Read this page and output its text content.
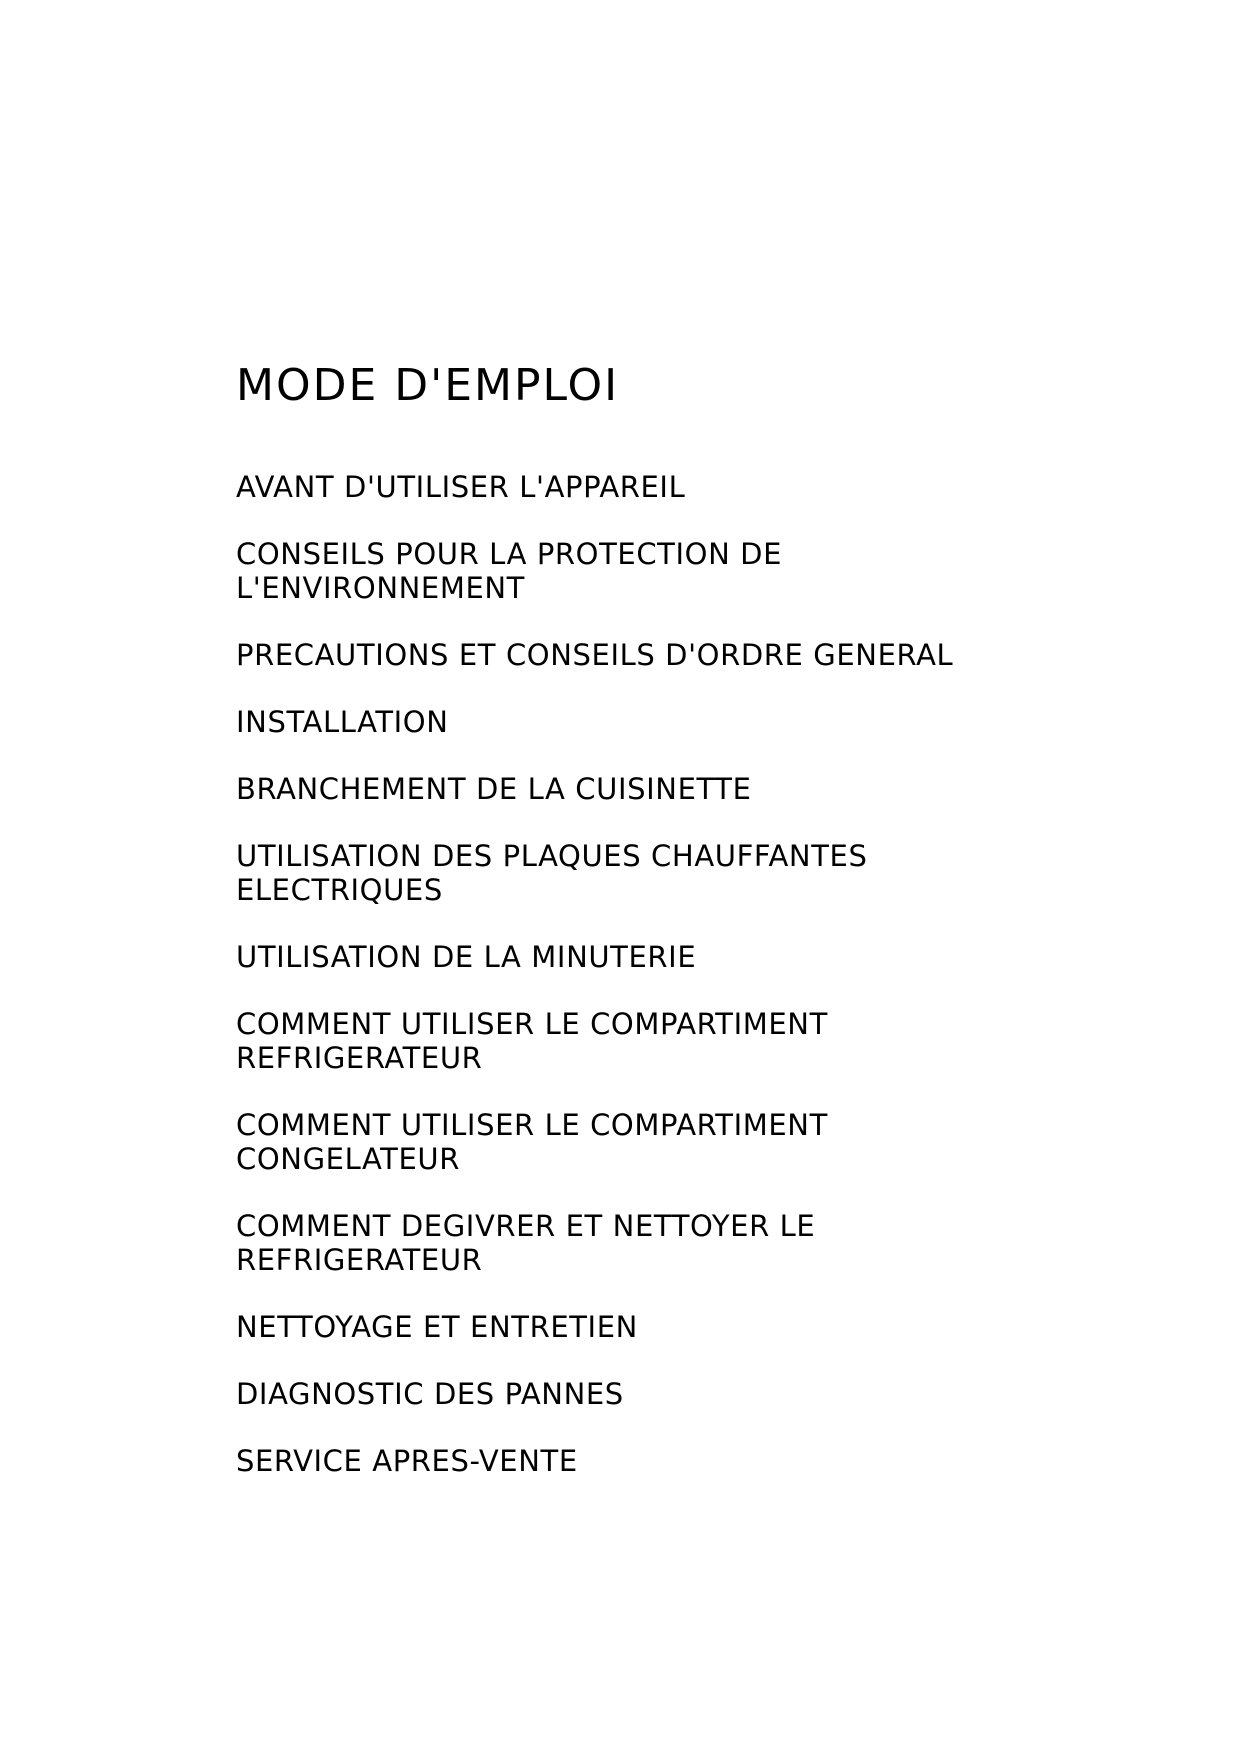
MODE D'EMPLOI
AVANT D'UTILISER L'APPAREIL
CONSEILS POUR LA PROTECTION DE
L'ENVIRONNEMENT
PRECAUTIONS ET CONSEILS D'ORDRE GENERAL
INSTALLATION
BRANCHEMENT DE LA CUISINETTE
UTILISATION DES PLAQUES CHAUFFANTES
ELECTRIQUES
UTILISATION DE LA MINUTERIE
COMMENT UTILISER LE COMPARTIMENT
REFRIGERATEUR
COMMENT UTILISER LE COMPARTIMENT
CONGELATEUR
COMMENT DEGIVRER ET NETTOYER LE
REFRIGERATEUR
NETTOYAGE ET ENTRETIEN
DIAGNOSTIC DES PANNES
SERVICE APRES-VENTE
